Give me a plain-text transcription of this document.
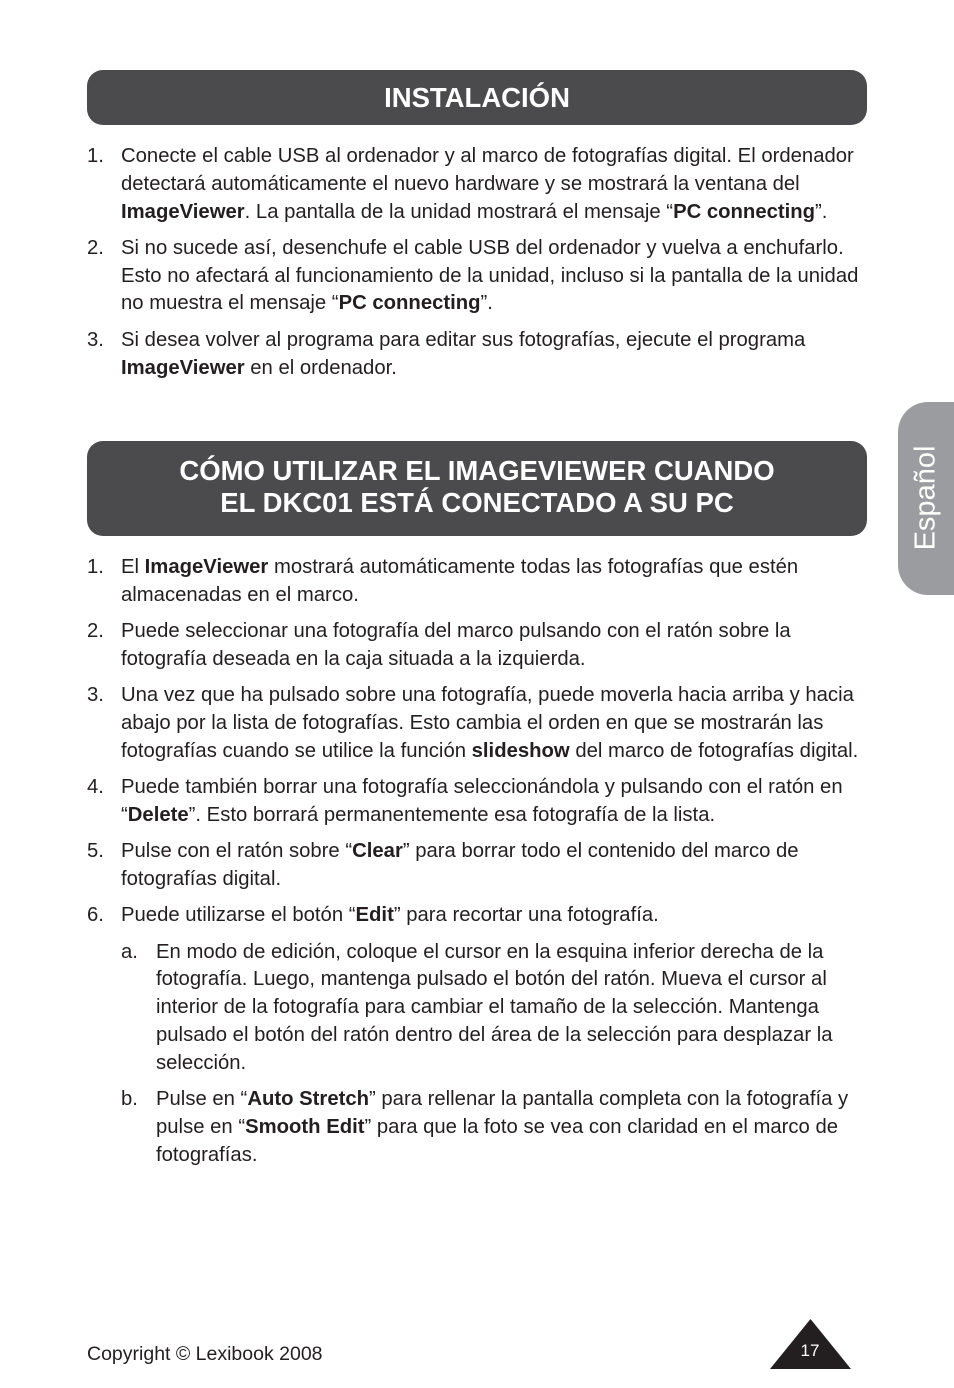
INSTALACIÓN
1. Conecte el cable USB al ordenador y al marco de fotografías digital. El ordenador detectará automáticamente el nuevo hardware y se mostrará la ventana del ImageViewer. La pantalla de la unidad mostrará el mensaje “PC connecting”.
2. Si no sucede así, desenchufe el cable USB del ordenador y vuelva a enchufarlo. Esto no afectará al funcionamiento de la unidad, incluso si la pantalla de la unidad no muestra el mensaje “PC connecting”.
3. Si desea volver al programa para editar sus fotografías, ejecute el programa ImageViewer en el ordenador.
CÓMO UTILIZAR EL IMAGEVIEWER CUANDO
EL DKC01 ESTÁ CONECTADO A SU PC
1. El ImageViewer mostrará automáticamente todas las fotografías que estén almacenadas en el marco.
2. Puede seleccionar una fotografía del marco pulsando con el ratón sobre la fotografía deseada en la caja situada a la izquierda.
3. Una vez que ha pulsado sobre una fotografía, puede moverla hacia arriba y hacia abajo por la lista de fotografías. Esto cambia el orden en que se mostrarán las fotografías cuando se utilice la función slideshow del marco de fotografías digital.
4. Puede también borrar una fotografía seleccionándola y pulsando con el ratón en “Delete”. Esto borrará permanentemente esa fotografía de la lista.
5. Pulse con el ratón sobre “Clear” para borrar todo el contenido del marco de fotografías digital.
6. Puede utilizarse el botón “Edit” para recortar una fotografía.
a. En modo de edición, coloque el cursor en la esquina inferior derecha de la fotografía. Luego, mantenga pulsado el botón del ratón. Mueva el cursor al interior de la fotografía para cambiar el tamaño de la selección. Mantenga pulsado el botón del ratón dentro del área de la selección para desplazar la selección.
b. Pulse en “Auto Stretch” para rellenar la pantalla completa con la fotografía y pulse en “Smooth Edit” para que la foto se vea con claridad en el marco de fotografías.
Español
Copyright © Lexibook 2008	17
